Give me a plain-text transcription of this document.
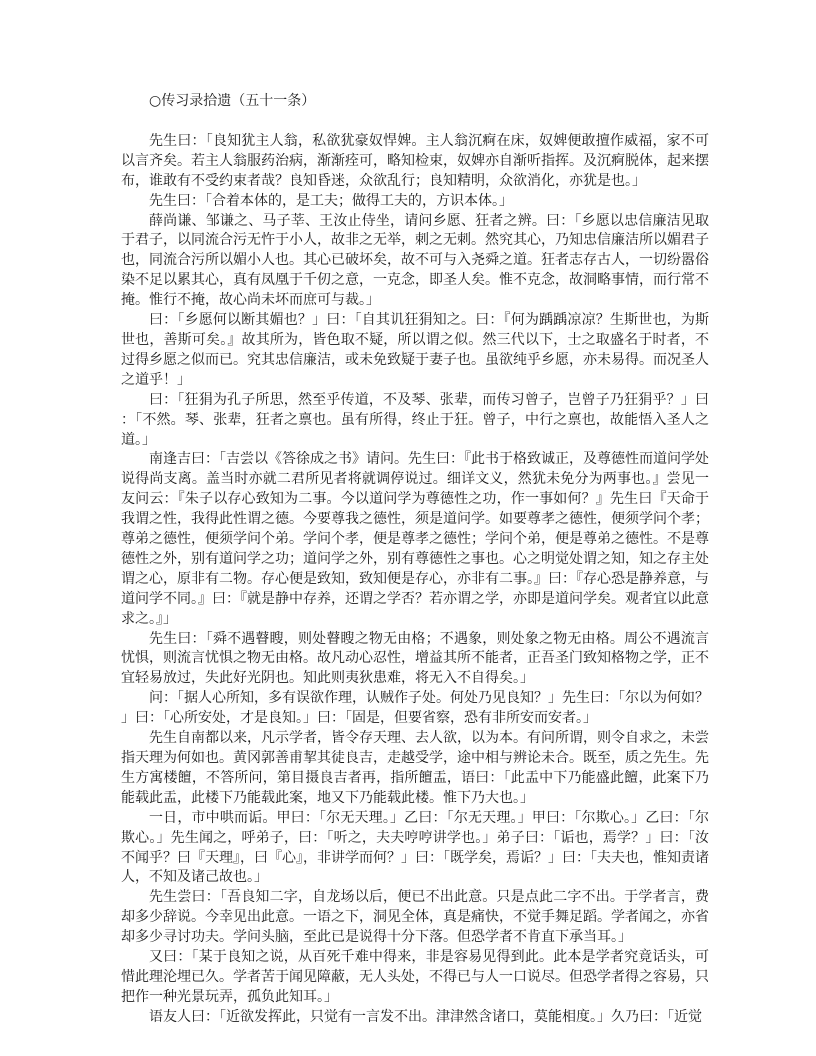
○传习录拾遗（五十一条）

先生曰：「良知犹主人翁，私欲犹豪奴悍婢。主人翁沉痾在床，奴婢便敢擅作威福，家不可以言齐矣。若主人翁服药治病，渐渐痊可，略知检束，奴婢亦自渐听指挥。及沉痾脱体，起来摆布，谁敢有不受约束者哉？良知昏迷，众欲乱行；良知精明，众欲消化，亦犹是也。」

先生曰：「合着本体的，是工夫；做得工夫的，方识本体。」

薛尚谦、邹谦之、马子莘、王汝止侍坐，请问乡愿、狂者之辨。曰：「乡愿以忠信廉洁见取于君子，以同流合污无忤于小人，故非之无举，刺之无刺。然究其心，乃知忠信廉洁所以媚君子也，同流合污所以媚小人也。其心已破坏矣，故不可与入尧舜之道。狂者志存古人，一切纷嚣俗染不足以累其心，真有凤凰于千仞之意，一克念，即圣人矣。惟不克念，故洞略事情，而行常不掩。惟行不掩，故心尚未坏而庶可与裁。」

曰：「乡愿何以断其媚也？」曰：「自其讥狂狷知之。曰：『何为踽踽凉凉？生斯世也，为斯世也，善斯可矣。』故其所为，皆色取不疑，所以谓之似。然三代以下，士之取盛名于时者，不过得乡愿之似而已。究其忠信廉洁，或未免致疑于妻子也。虽欲纯乎乡愿，亦未易得。而况圣人之道乎！」

曰：「狂狷为孔子所思，然至乎传道，不及琴、张辈，而传习曾子，岂曾子乃狂狷乎？」曰：「不然。琴、张辈，狂者之禀也。虽有所得，终止于狂。曾子，中行之禀也，故能悟入圣人之道。」

南逢吉曰：「吉尝以《答徐成之书》请问。先生曰：『此书于格致诚正，及尊德性而道问学处说得尚支离。盖当时亦就二君所见者将就调停说过。细详文义，然犹未免分为两事也。』尝见一友问云：『朱子以存心致知为二事。今以道问学为尊德性之功，作一事如何？』先生曰『天命于我谓之性，我得此性谓之德。今要尊我之德性，须是道问学。如要尊孝之德性，便须学问个孝；尊弟之德性，便须学问个弟。学问个孝，便是尊孝之德性；学问个弟，便是尊弟之德性。不是尊德性之外，别有道问学之功；道问学之外，别有尊德性之事也。心之明觉处谓之知，知之存主处谓之心，原非有二物。存心便是致知，致知便是存心，亦非有二事。』曰：『存心恐是静养意，与道问学不同。』曰：『就是静中存养，还谓之学否？若亦谓之学，亦即是道问学矣。观者宜以此意求之。』」

先生曰：「舜不遇瞽瞍，则处瞽瞍之物无由格；不遇象，则处象之物无由格。周公不遇流言忧惧，则流言忧惧之物无由格。故凡动心忍性，增益其所不能者，正吾圣门致知格物之学，正不宜轻易放过，失此好光阴也。知此则夷狄患难，将无入不自得矣。」

问：「据人心所知，多有误欲作理，认贼作子处。何处乃见良知？」先生曰：「尔以为何如？」曰：「心所安处，才是良知。」曰：「固是，但要省察，恐有非所安而安者。」

先生自南都以来，凡示学者，皆令存天理、去人欲，以为本。有问所谓，则令自求之，未尝指天理为何如也。黄冈郭善甫挈其徒良吉，走越受学，途中相与辨论未合。既至，质之先生。先生方寓楼饘，不答所问，第目摄良吉者再，指所饘盂，语曰：「此盂中下乃能盛此饘，此案下乃能载此盂，此楼下乃能载此案，地又下乃能载此楼。惟下乃大也。」

一日，市中哄而诟。甲曰：「尔无天理。」乙曰：「尔无天理。」甲曰：「尔欺心。」乙曰：「尔欺心。」先生闻之，呼弟子，曰：「听之，夫夫哼哼讲学也。」弟子曰：「诟也，焉学？」曰：「汝不闻乎？曰『天理』，曰『心』，非讲学而何？」曰：「既学矣，焉诟？」曰：「夫夫也，惟知责诸人，不知及诸己故也。」

先生尝曰：「吾良知二字，自龙场以后，便已不出此意。只是点此二字不出。于学者言，费却多少辞说。今幸见出此意。一语之下，洞见全体，真是痛快，不觉手舞足蹈。学者闻之，亦省却多少寻讨功夫。学问头脑，至此已是说得十分下落。但恐学者不肯直下承当耳。」

又曰：「某于良知之说，从百死千难中得来，非是容易见得到此。此本是学者究竟话头，可惜此理沦埋已久。学者苦于闻见障蔽，无人头处，不得已与人一口说尽。但恐学者得之容易，只把作一种光景玩弄，孤负此知耳。」

语友人曰：「近欲发挥此，只觉有一言发不出。津津然含诸口，莫能相度。」久乃曰：「近觉
